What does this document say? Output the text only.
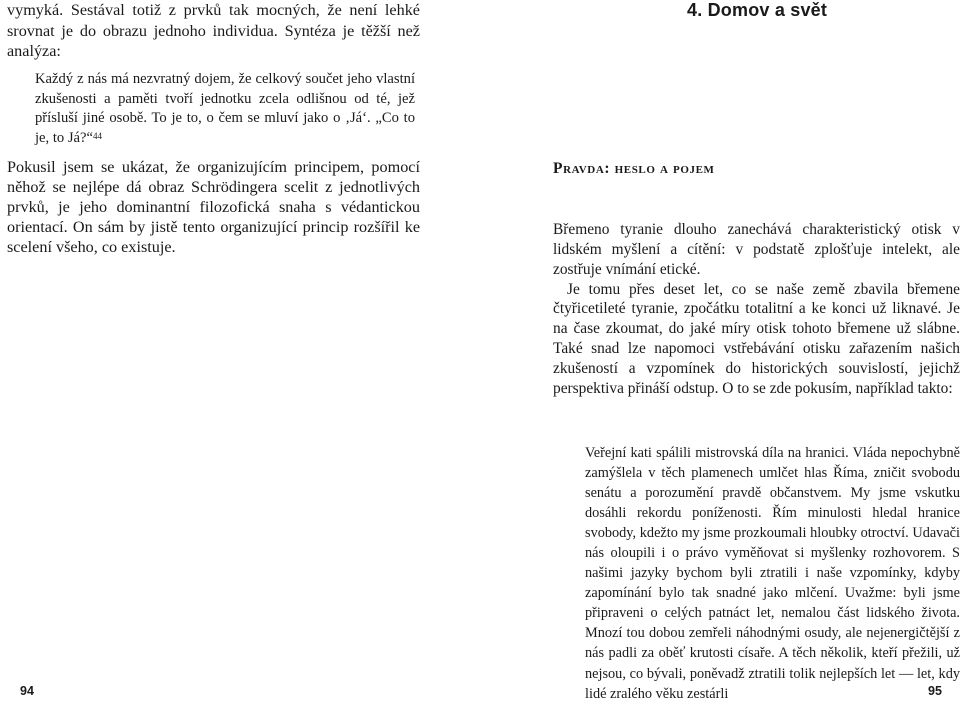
vymyká. Sestával totiž z prvků tak mocných, že není lehké srovnat je do obrazu jednoho individua. Syntéza je těžší než analýza:

Každý z nás má nezvratný dojem, že celkový součet jeho vlastní zkušenosti a paměti tvoří jednotku zcela odlišnou od té, jež přísluší jiné osobě. To je to, o čem se mluví jako o ‚Já‘. „Co to je, to Já?“$^{44}$

Pokusil jsem se ukázat, že organizujícím principem, pomocí něhož se nejlépe dá obraz Schrödingera scelit z jednotlivých prvků, je jeho dominantní filozofická snaha s védantickou orientací. On sám by jistě tento organizující princip rozšířil ke scelení všeho, co existuje.

94
4. Domov a svět
Pravda: heslo a pojem

Břemeno tyranie dlouho zanechává charakteristický otisk v lidském myšlení a cítění: v podstatě zplošťuje intelekt, ale zostřuje vnímání etické.

Je tomu přes deset let, co se naše země zbavila břemene čtyřicetileté tyranie, zpočátku totalitní a ke konci už liknavé. Je na čase zkoumat, do jaké míry otisk tohoto břemene už slábne. Také snad lze napomoci vstřebávání otisku zařazením našich zkušeností a vzpomínek do historických souvislostí, jejichž perspektiva přináší odstup. O to se zde pokusím, například takto:

Veřejní kati spálili mistrovská díla na hranici. Vláda nepochybně zamýšlela v těch plamenech umlčet hlas Říma, zničit svobodu senátu a porozumění pravdě občanstvem. My jsme vskutku dosáhli rekordu poníženosti. Řím minulosti hledal hranice svobody, kdežto my jsme prozkoumali hloubky otroctví. Udavači nás oloupili i o právo vyměňovat si myšlenky rozhovorem. S našimi jazyky bychom byli ztratili i naše vzpomínky, kdyby zapomínání bylo tak snadné jako mlčení. Uvažme: byli jsme připraveni o celých patnáct let, nemalou část lidského života. Mnozí tou dobou zemřeli náhodnými osudy, ale nejenergičtější z nás padli za oběť krutosti císaře. A těch několik, kteří přežili, už nejsou, co bývali, poněvadž ztratili tolik nejlepších let — let, kdy lidé zralého věku zestárli	95
